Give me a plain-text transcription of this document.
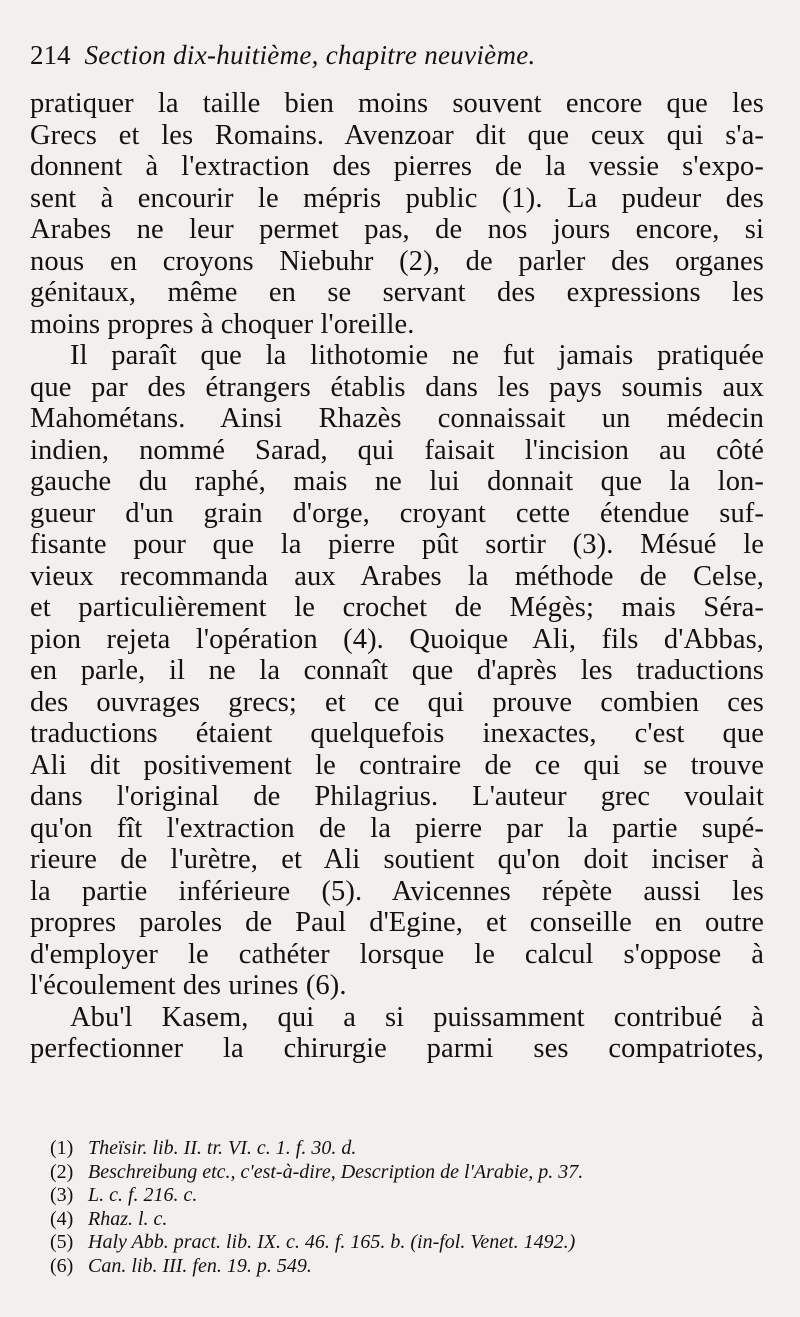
214 Section dix-huitième, chapitre neuvième.
pratiquer la taille bien moins souvent encore que les
Grecs et les Romains. Avenzoar dit que ceux qui s'a-
donnent à l'extraction des pierres de la vessie s'expo-
sent à encourir le mépris public (1). La pudeur des
Arabes ne leur permet pas, de nos jours encore, si
nous en croyons Niebuhr (2), de parler des organes
génitaux, même en se servant des expressions les
moins propres à choquer l'oreille.
Il paraît que la lithotomie ne fut jamais pratiquée
que par des étrangers établis dans les pays soumis aux
Mahométans. Ainsi Rhazès connaissait un médecin
indien, nommé Sarad, qui faisait l'incision au côté
gauche du raphé, mais ne lui donnait que la lon-
gueur d'un grain d'orge, croyant cette étendue suf-
fisante pour que la pierre pût sortir (3). Mésué le
vieux recommanda aux Arabes la méthode de Celse,
et particulièrement le crochet de Mégès; mais Séra-
pion rejeta l'opération (4). Quoique Ali, fils d'Abbas,
en parle, il ne la connaît que d'après les traductions
des ouvrages grecs; et ce qui prouve combien ces
traductions étaient quelquefois inexactes, c'est que
Ali dit positivement le contraire de ce qui se trouve
dans l'original de Philagrius. L'auteur grec voulait
qu'on fît l'extraction de la pierre par la partie supé-
rieure de l'urètre, et Ali soutient qu'on doit inciser à
la partie inférieure (5). Avicennes répète aussi les
propres paroles de Paul d'Egine, et conseille en outre
d'employer le cathéter lorsque le calcul s'oppose à
l'écoulement des urines (6).
Abu'l Kasem, qui a si puissamment contribué à
perfectionner la chirurgie parmi ses compatriotes,
(1) Theïsir. lib. II. tr. VI. c. 1. f. 30. d.
(2) Beschreibung etc., c'est-à-dire, Description de l'Arabie, p. 37.
(3) L. c. f. 216. c.
(4) Rhaz. l. c.
(5) Haly Abb. pract. lib. IX. c. 46. f. 165. b. (in-fol. Venet. 1492.)
(6) Can. lib. III. fen. 19. p. 549.
